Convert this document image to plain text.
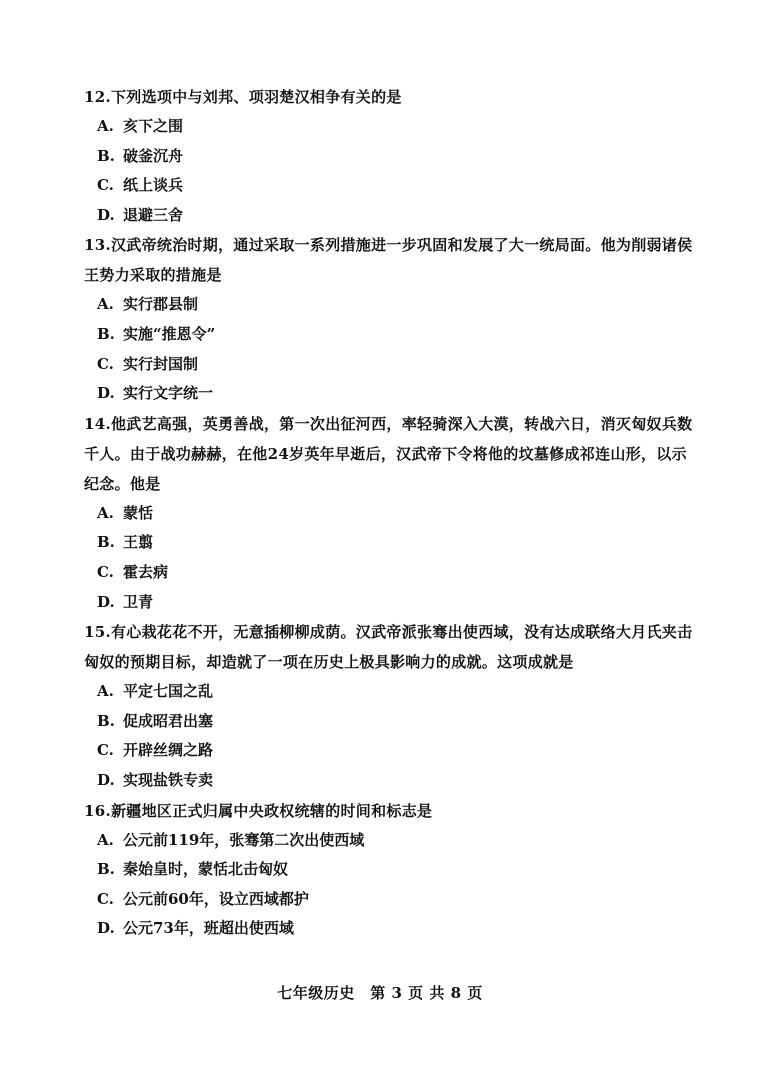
12.下列选项中与刘邦、项羽楚汉相争有关的是

A. 亥下之围
B. 破釜沉舟
C. 纸上谈兵
D. 退避三舍

13.汉武帝统治时期，通过采取一系列措施进一步巩固和发展了大一统局面。他为削弱诸侯王势力采取的措施是

A. 实行郡县制
B. 实施“推恩令”
C. 实行封国制
D. 实行文字统一

14.他武艺高强，英勇善战，第一次出征河西，率轻骑深入大漠，转战六日，消灭匈奴兵数千人。由于战功赫赫，在他24岁英年早逝后，汉武帝下令将他的坟墓修成祁连山形，以示纪念。他是

A. 蒙恬
B. 王翦
C. 霍去病
D. 卫青

15.有心栽花花不开，无意插柳柳成荫。汉武帝派张骞出使西域，没有达成联络大月氏夹击匈奴的预期目标，却造就了一项在历史上极具影响力的成就。这项成就是

A. 平定七国之乱
B. 促成昭君出塞
C. 开辟丝绸之路
D. 实现盐铁专卖

16.新疆地区正式归属中央政权统辖的时间和标志是

A. 公元前119年，张骞第二次出使西域
B. 秦始皇时，蒙恬北击匈奴
C. 公元前60年，设立西域都护
D. 公元73年，班超出使西域
七年级历史　第 3 页 共 8 页
